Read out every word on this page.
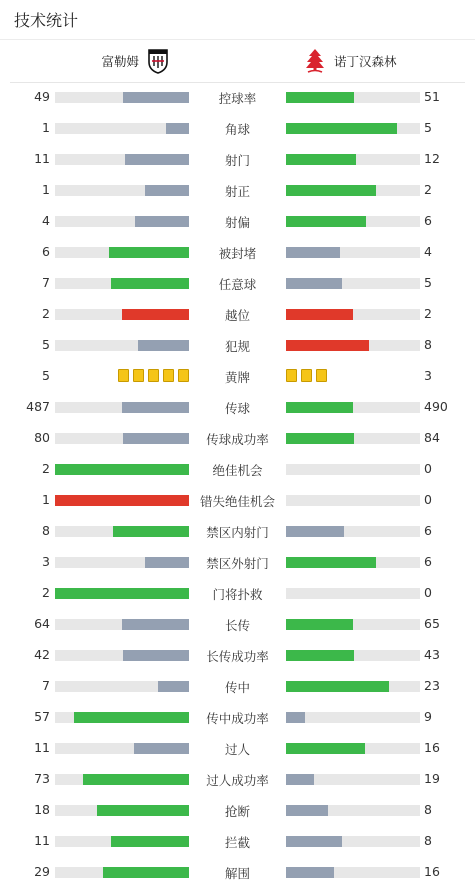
技术统计
富勒姆	诺丁汉森林
49	控球率	51
1	角球	5
11	射门	12
1	射正	2
4	射偏	6
6	被封堵	4
7	任意球	5
2	越位	2
5	犯规	8
5	黄牌	3
487	传球	490
80	传球成功率	84
2	绝佳机会	0
1	错失绝佳机会	0
8	禁区内射门	6
3	禁区外射门	6
2	门将扑救	0
64	长传	65
42	长传成功率	43
7	传中	23
57	传中成功率	9
11	过人	16
73	过人成功率	19
18	抢断	8
11	拦截	8
29	解围	16
